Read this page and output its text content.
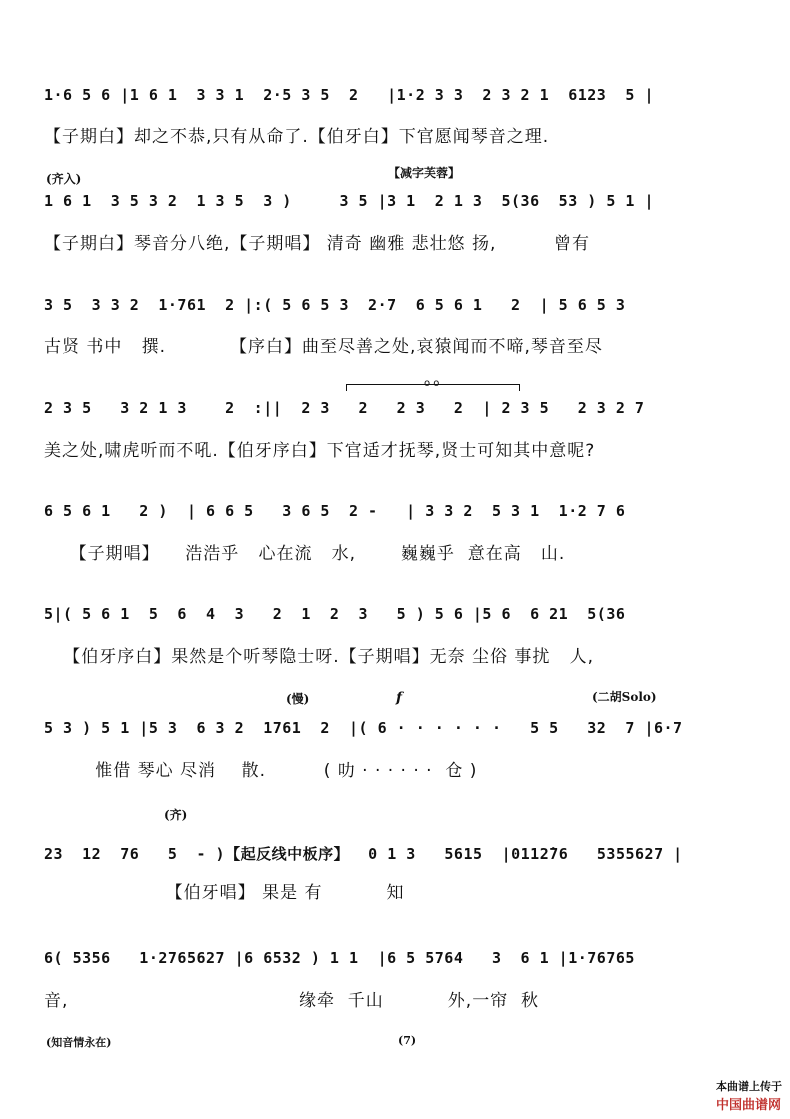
1·6 5 6 |1 6 1  3 3 1  2·5 3 5  2   |1·2 3 3  2 3 2 1  6123  5 |
【子期白】却之不恭,只有从命了.【伯牙白】下官愿闻琴音之理.
(齐入)	【减字芙蓉】
1 6 1  3 5 3 2  1 3 5  3 )     3 5 |3 1  2 1 3  5(36  53 ) 5 1 |
【子期白】琴音分八绝,【子期唱】 清奇 幽雅 悲壮悠 扬,         曾有
3 5  3 3 2  1·761  2 |:( 5 6 5 3  2·7  6 5 6 1   2  | 5 6 5 3
古贤 书中   撰.          【序白】曲至尽善之处,哀猿闻而不啼,琴音至尽
o o
2 3 5   3 2 1 3    2  :||  2 3   2   2 3   2  | 2 3 5   2 3 2 7
美之处,啸虎听而不吼.【伯牙序白】下官适才抚琴,贤士可知其中意呢?
6 5 6 1   2 )  | 6 6 5   3 6 5  2 -   | 3 3 2  5 3 1  1·2 7 6
【子期唱】    浩浩乎   心在流   水,       巍巍乎  意在高   山.
5|( 5 6 1  5  6  4  3   2  1  2  3   5 ) 5 6 |5 6  6 21  5(36
【伯牙序白】果然是个听琴隐士呀.【子期唱】无奈 尘俗 事扰   人,
(慢)	f	(二胡Solo)
5 3 ) 5 1 |5 3  6 3 2  1761  2  |( 6 · · · · · ·   5 5   32  7 |6·7
惟借 琴心 尽消    散.         ( 叻 · · · · · ·  仓 )
(齐)
23  12  76   5  - )【起反线中板序】  0 1 3   5615  |0112̇76   5355627 |
【伯牙唱】 果是 有          知
6( 5356   1·2765627 |6 6532 ) 1 1  |6 5 5764   3  6 1 |1·76765
音,                                    缘牵  千山          外,一帘  秋
(知音情永在)	(7)

本曲谱上传于
中国曲谱网
